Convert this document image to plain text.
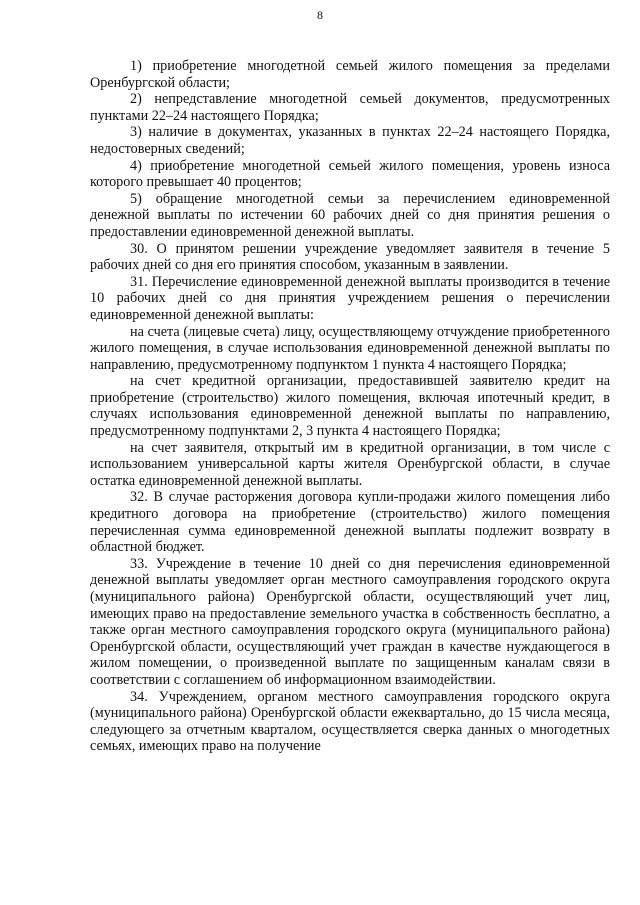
8

1) приобретение многодетной семьей жилого помещения за пределами Оренбургской области;

2) непредставление многодетной семьей документов, предусмотренных пунктами 22–24 настоящего Порядка;

3) наличие в документах, указанных в пунктах 22–24 настоящего Порядка, недостоверных сведений;

4) приобретение многодетной семьей жилого помещения, уровень износа которого превышает 40 процентов;

5) обращение многодетной семьи за перечислением единовременной денежной выплаты по истечении 60 рабочих дней со дня принятия решения о предоставлении единовременной денежной выплаты.

30. О принятом решении учреждение уведомляет заявителя в течение 5 рабочих дней со дня его принятия способом, указанным в заявлении.

31. Перечисление единовременной денежной выплаты производится в течение 10 рабочих дней со дня принятия учреждением решения о перечислении единовременной денежной выплаты:

на счета (лицевые счета) лицу, осуществляющему отчуждение приобретенного жилого помещения, в случае использования единовременной денежной выплаты по направлению, предусмотренному подпунктом 1 пункта 4 настоящего Порядка;

на счет кредитной организации, предоставившей заявителю кредит на приобретение (строительство) жилого помещения, включая ипотечный кредит, в случаях использования единовременной денежной выплаты по направлению, предусмотренному подпунктами 2, 3 пункта 4 настоящего Порядка;

на счет заявителя, открытый им в кредитной организации, в том числе с использованием универсальной карты жителя Оренбургской области, в случае остатка единовременной денежной выплаты.

32. В случае расторжения договора купли-продажи жилого помещения либо кредитного договора на приобретение (строительство) жилого помещения перечисленная сумма единовременной денежной выплаты подлежит возврату в областной бюджет.

33. Учреждение в течение 10 дней со дня перечисления единовременной денежной выплаты уведомляет орган местного самоуправления городского округа (муниципального района) Оренбургской области, осуществляющий учет лиц, имеющих право на предоставление земельного участка в собственность бесплатно, а также орган местного самоуправления городского округа (муниципального района) Оренбургской области, осуществляющий учет граждан в качестве нуждающегося в жилом помещении, о произведенной выплате по защищенным каналам связи в соответствии с соглашением об информационном взаимодействии.

34. Учреждением, органом местного самоуправления городского округа (муниципального района) Оренбургской области ежеквартально, до 15 числа месяца, следующего за отчетным кварталом, осуществляется сверка данных о многодетных семьях, имеющих право на получение
